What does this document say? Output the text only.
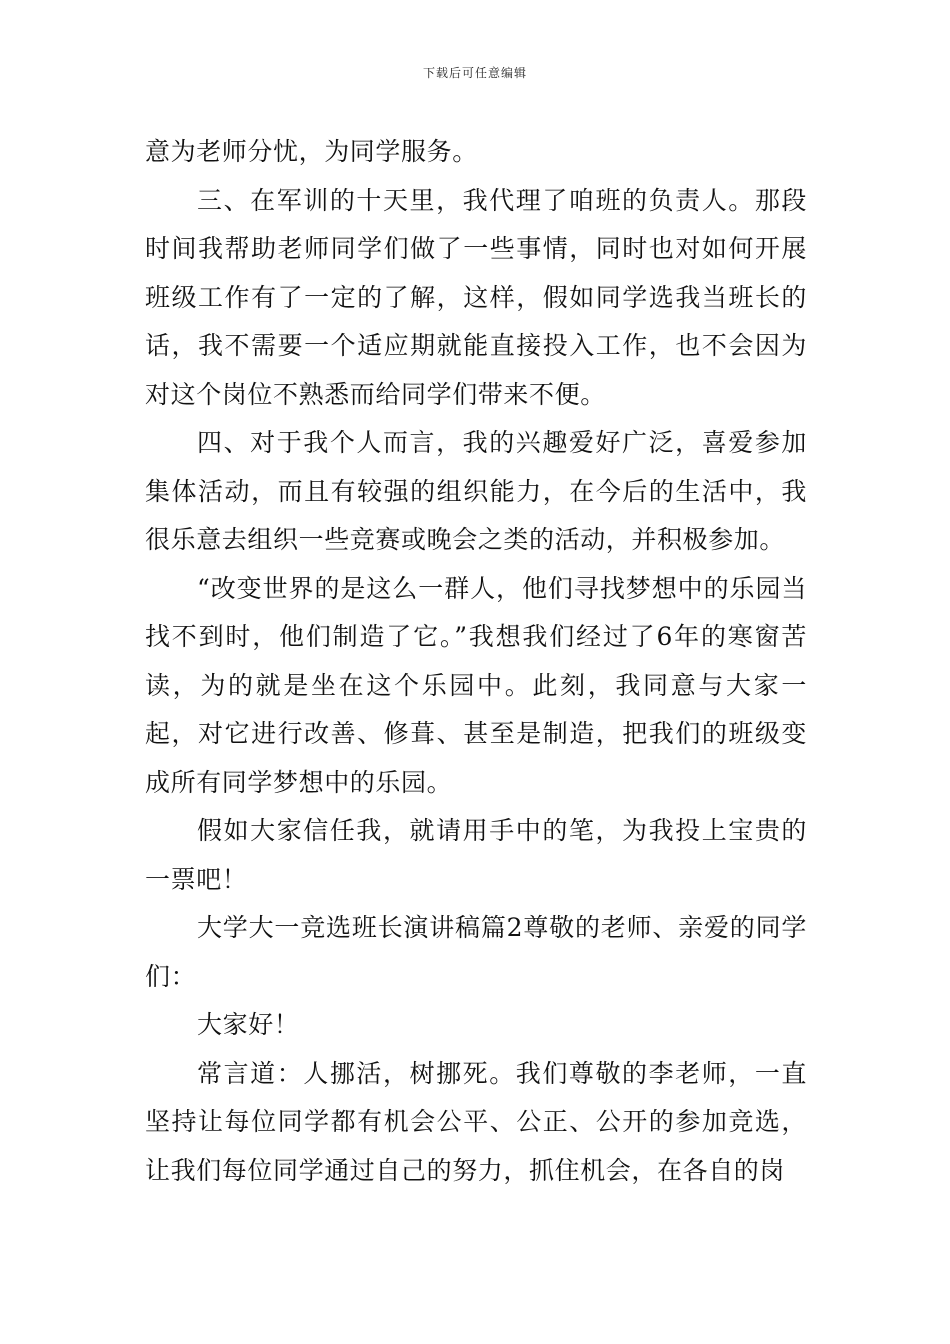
下载后可任意编辑

意为老师分忧，为同学服务。

三、在军训的十天里，我代理了咱班的负责人。那段时间我帮助老师同学们做了一些事情，同时也对如何开展班级工作有了一定的了解，这样，假如同学选我当班长的话，我不需要一个适应期就能直接投入工作，也不会因为对这个岗位不熟悉而给同学们带来不便。

四、对于我个人而言，我的兴趣爱好广泛，喜爱参加集体活动，而且有较强的组织能力，在今后的生活中，我很乐意去组织一些竞赛或晚会之类的活动，并积极参加。

“改变世界的是这么一群人，他们寻找梦想中的乐园当找不到时，他们制造了它。”我想我们经过了6年的寒窗苦读，为的就是坐在这个乐园中。此刻，我同意与大家一起，对它进行改善、修葺、甚至是制造，把我们的班级变成所有同学梦想中的乐园。

假如大家信任我，就请用手中的笔，为我投上宝贵的一票吧！

大学大一竞选班长演讲稿篇2尊敬的老师、亲爱的同学们：

大家好！

常言道：人挪活，树挪死。我们尊敬的李老师，一直坚持让每位同学都有机会公平、公正、公开的参加竞选，让我们每位同学通过自己的努力，抓住机会，在各自的岗
